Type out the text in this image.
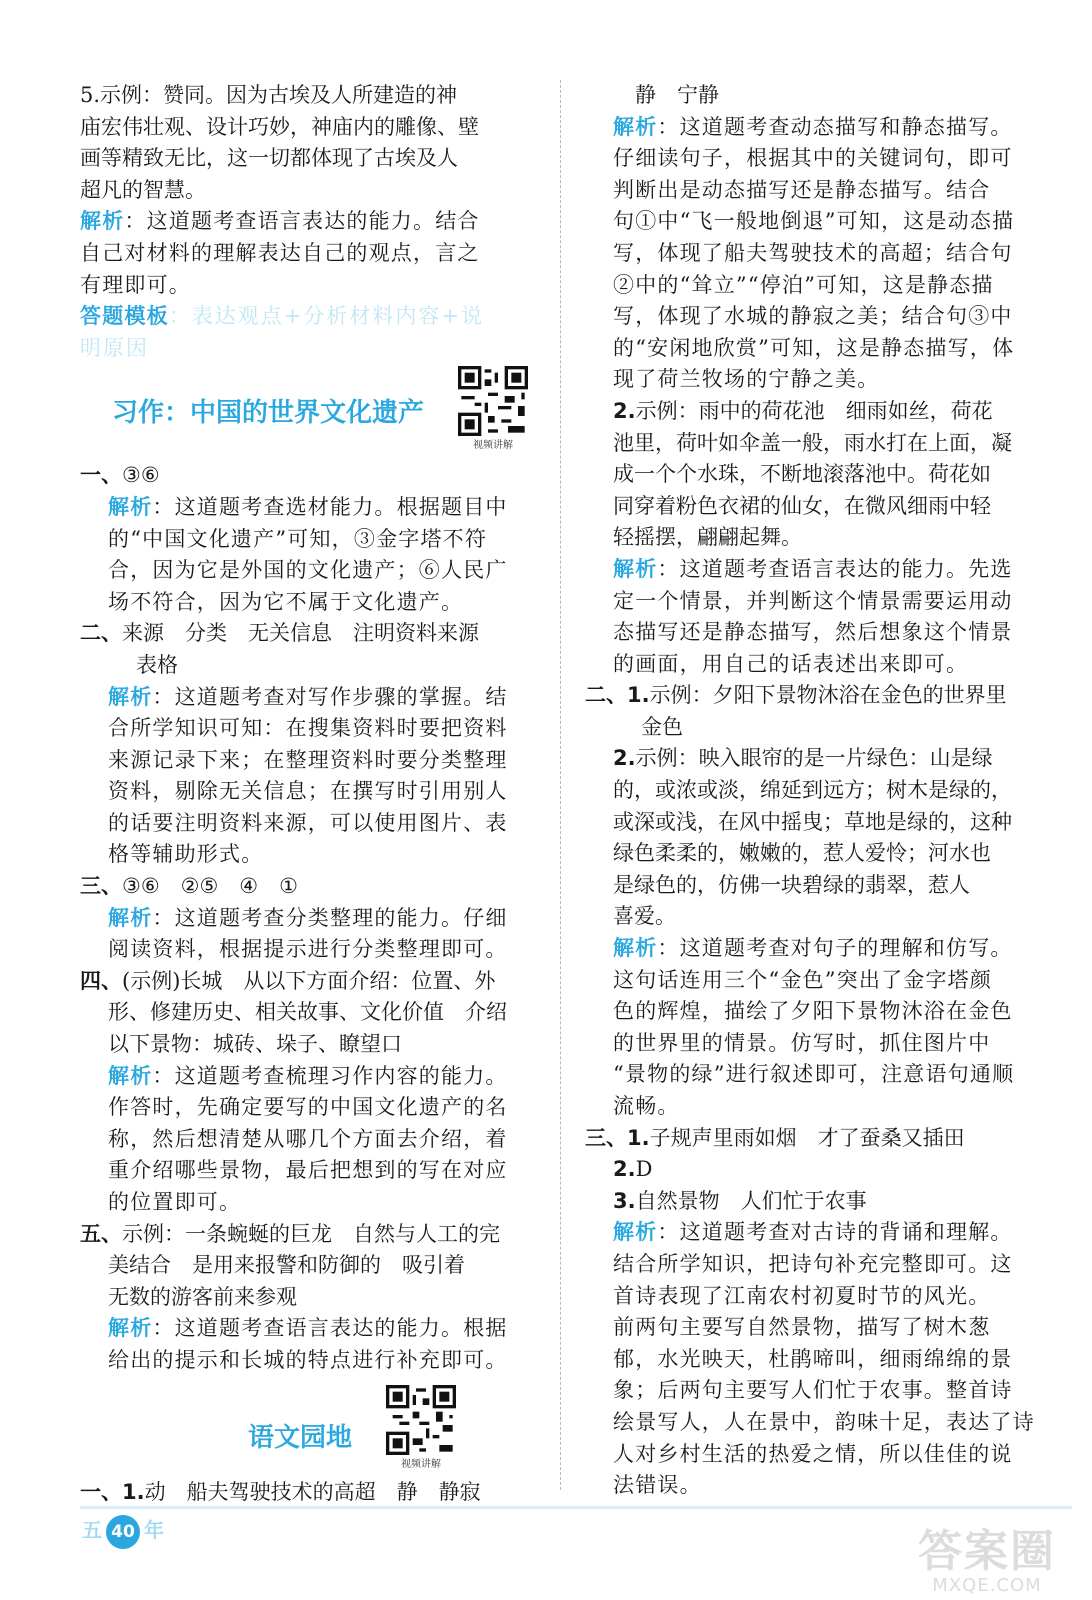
5.示例：赞同。因为古埃及人所建造的神
庙宏伟壮观、设计巧妙，神庙内的雕像、壁
画等精致无比，这一切都体现了古埃及人
超凡的智慧。
解析：这道题考查语言表达的能力。结合
自己对材料的理解表达自己的观点，言之
有理即可。
答题模板：表达观点+分析材料内容+说
明原因
习作：中国的世界文化遗产
视频讲解
一、③⑥
解析：这道题考查选材能力。根据题目中
的“中国文化遗产”可知，③金字塔不符
合，因为它是外国的文化遗产；⑥人民广
场不符合，因为它不属于文化遗产。
二、来源　分类　无关信息　注明资料来源
表格
解析：这道题考查对写作步骤的掌握。结
合所学知识可知：在搜集资料时要把资料
来源记录下来；在整理资料时要分类整理
资料，剔除无关信息；在撰写时引用别人
的话要注明资料来源，可以使用图片、表
格等辅助形式。
三、③⑥　②⑤　④　①
解析：这道题考查分类整理的能力。仔细
阅读资料，根据提示进行分类整理即可。
四、(示例)长城　从以下方面介绍：位置、外
形、修建历史、相关故事、文化价值　介绍
以下景物：城砖、垛子、瞭望口
解析：这道题考查梳理习作内容的能力。
作答时，先确定要写的中国文化遗产的名
称，然后想清楚从哪几个方面去介绍，着
重介绍哪些景物，最后把想到的写在对应
的位置即可。
五、示例：一条蜿蜒的巨龙　自然与人工的完
美结合　是用来报警和防御的　吸引着
无数的游客前来参观
解析：这道题考查语言表达的能力。根据
给出的提示和长城的特点进行补充即可。
语文园地
视频讲解
一、1.动　船夫驾驶技术的高超　静　静寂
静　宁静
解析：这道题考查动态描写和静态描写。
仔细读句子，根据其中的关键词句，即可
判断出是动态描写还是静态描写。结合
句①中“飞一般地倒退”可知，这是动态描
写，体现了船夫驾驶技术的高超；结合句
②中的“耸立”“停泊”可知，这是静态描
写，体现了水城的静寂之美；结合句③中
的“安闲地欣赏”可知，这是静态描写，体
现了荷兰牧场的宁静之美。
2.示例：雨中的荷花池　细雨如丝，荷花
池里，荷叶如伞盖一般，雨水打在上面，凝
成一个个水珠，不断地滚落池中。荷花如
同穿着粉色衣裙的仙女，在微风细雨中轻
轻摇摆，翩翩起舞。
解析：这道题考查语言表达的能力。先选
定一个情景，并判断这个情景需要运用动
态描写还是静态描写，然后想象这个情景
的画面，用自己的话表述出来即可。
二、1.示例：夕阳下景物沐浴在金色的世界里
金色
2.示例：映入眼帘的是一片绿色：山是绿
的，或浓或淡，绵延到远方；树木是绿的，
或深或浅，在风中摇曳；草地是绿的，这种
绿色柔柔的，嫩嫩的，惹人爱怜；河水也
是绿色的，仿佛一块碧绿的翡翠，惹人
喜爱。
解析：这道题考查对句子的理解和仿写。
这句话连用三个“金色”突出了金字塔颜
色的辉煌，描绘了夕阳下景物沐浴在金色
的世界里的情景。仿写时，抓住图片中
“景物的绿”进行叙述即可，注意语句通顺
流畅。
三、1.子规声里雨如烟　才了蚕桑又插田
2.D
3.自然景物　人们忙于农事
解析：这道题考查对古诗的背诵和理解。
结合所学知识，把诗句补充完整即可。这
首诗表现了江南农村初夏时节的风光。
前两句主要写自然景物，描写了树木葱
郁，水光映天，杜鹃啼叫，细雨绵绵的景
象；后两句主要写人们忙于农事。整首诗
绘景写人，人在景中，韵味十足，表达了诗
人对乡村生活的热爱之情，所以佳佳的说
法错误。
五 40 年	答案圈
MXQE.COM
